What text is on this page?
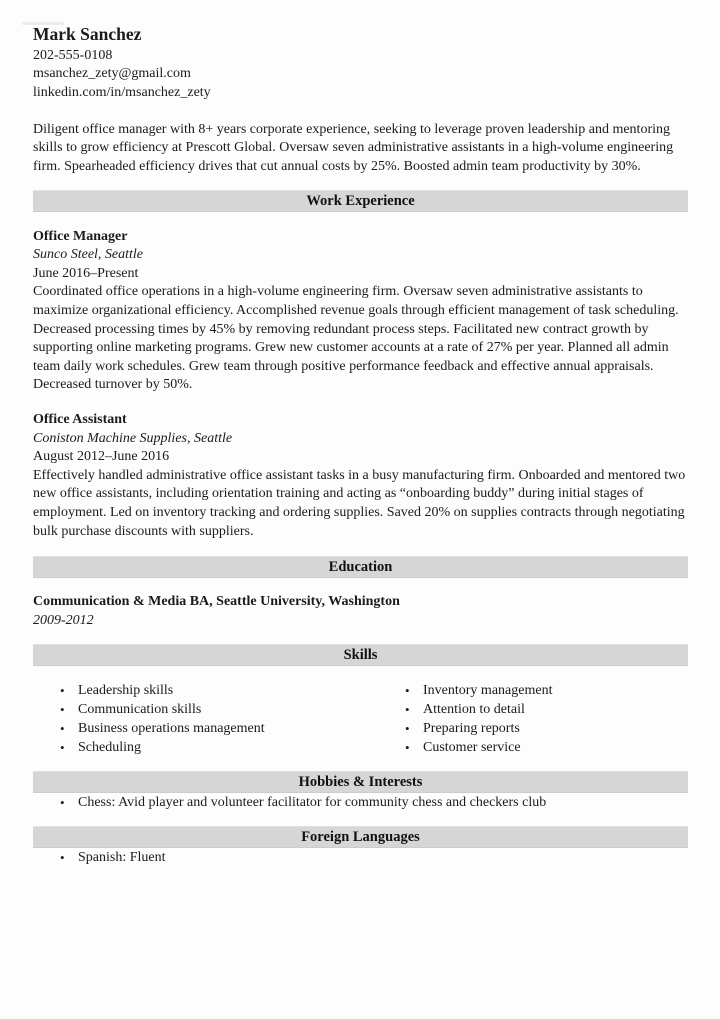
Mark Sanchez
202-555-0108
msanchez_zety@gmail.com
linkedin.com/in/msanchez_zety
Diligent office manager with 8+ years corporate experience, seeking to leverage proven leadership and mentoring skills to grow efficiency at Prescott Global. Oversaw seven administrative assistants in a high-volume engineering firm. Spearheaded efficiency drives that cut annual costs by 25%. Boosted admin team productivity by 30%.
Work Experience
Office Manager
Sunco Steel, Seattle
June 2016–Present
Coordinated office operations in a high-volume engineering firm. Oversaw seven administrative assistants to maximize organizational efficiency. Accomplished revenue goals through efficient management of task scheduling. Decreased processing times by 45% by removing redundant process steps. Facilitated new contract growth by supporting online marketing programs. Grew new customer accounts at a rate of 27% per year. Planned all admin team daily work schedules. Grew team through positive performance feedback and effective annual appraisals. Decreased turnover by 50%.
Office Assistant
Coniston Machine Supplies, Seattle
August 2012–June 2016
Effectively handled administrative office assistant tasks in a busy manufacturing firm. Onboarded and mentored two new office assistants, including orientation training and acting as “onboarding buddy” during initial stages of employment. Led on inventory tracking and ordering supplies. Saved 20% on supplies contracts through negotiating bulk purchase discounts with suppliers.
Education
Communication & Media BA, Seattle University, Washington
2009-2012
Skills
• Leadership skills
• Communication skills
• Business operations management
• Scheduling
• Inventory management
• Attention to detail
• Preparing reports
• Customer service
Hobbies & Interests
• Chess: Avid player and volunteer facilitator for community chess and checkers club
Foreign Languages
• Spanish: Fluent
